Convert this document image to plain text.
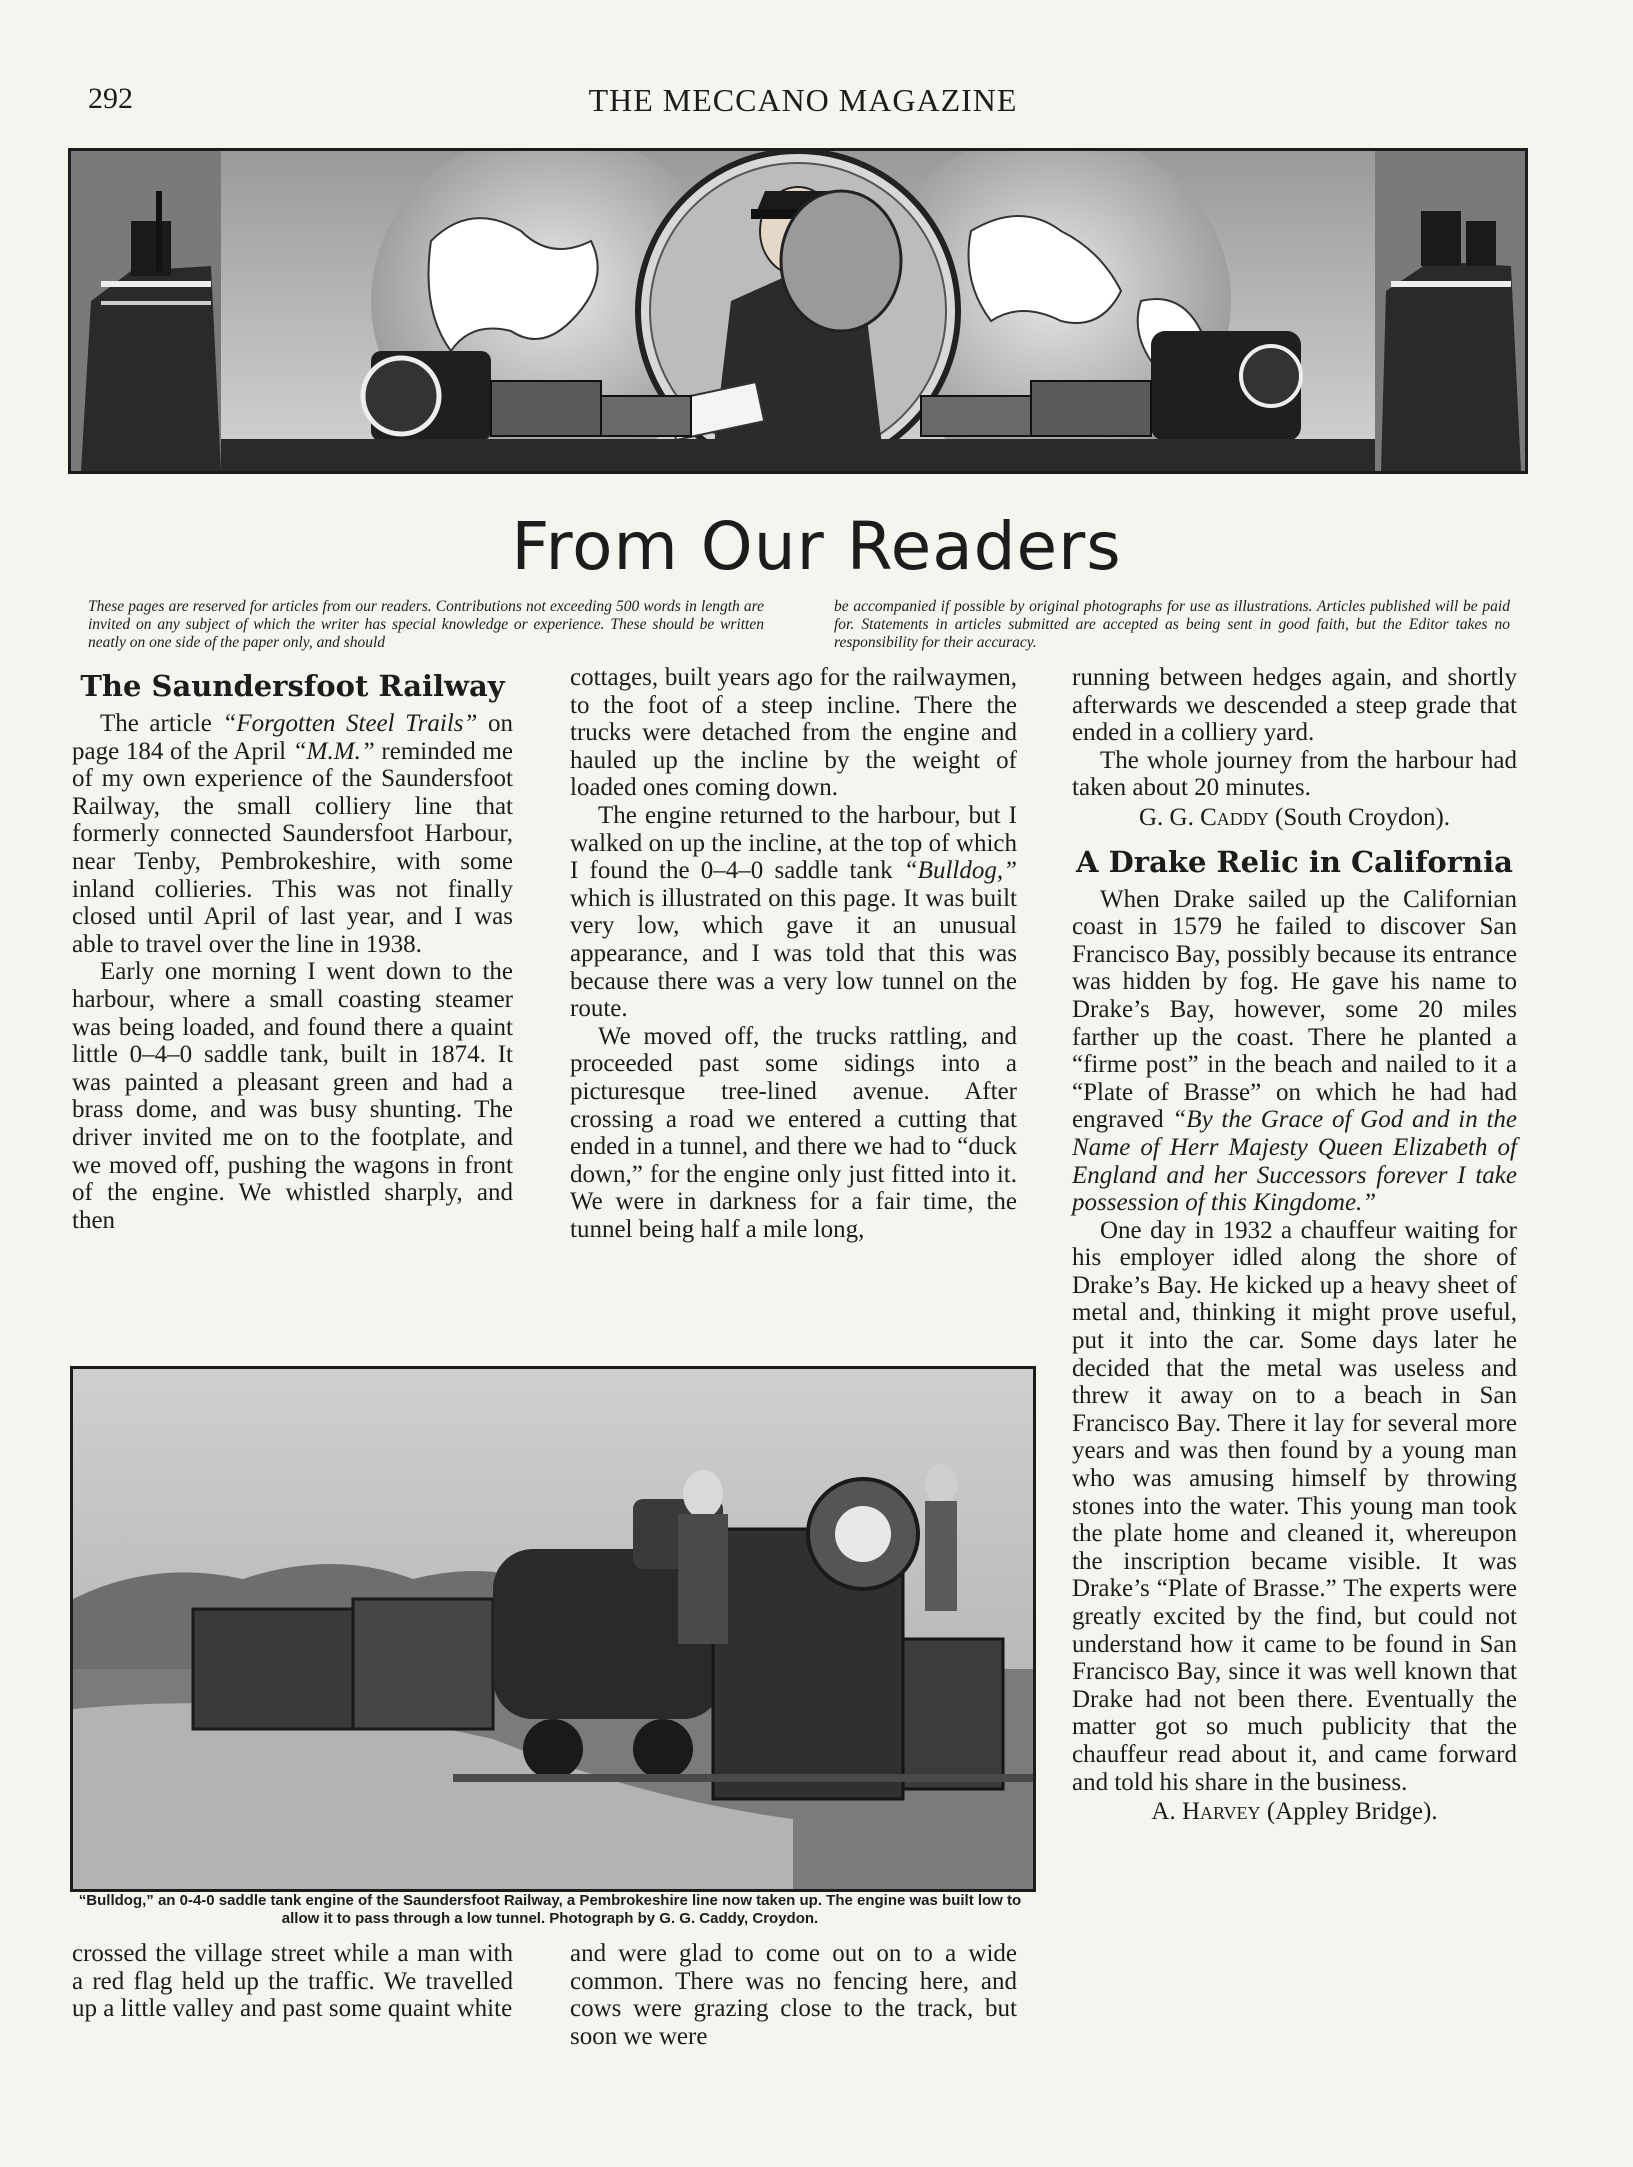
292	THE MECCANO MAGAZINE
From Our Readers
These pages are reserved for articles from our readers. Contributions not exceeding 500 words in length are invited on any subject of which the writer has special knowledge or experience. These should be written neatly on one side of the paper only, and should
be accompanied if possible by original photographs for use as illustrations. Articles published will be paid for. Statements in articles submitted are accepted as being sent in good faith, but the Editor takes no responsibility for their accuracy.
The Saundersfoot Railway

The article “Forgotten Steel Trails” on page 184 of the April “M.M.” reminded me of my own experience of the Saundersfoot Railway, the small colliery line that formerly connected Saundersfoot Harbour, near Tenby, Pembrokeshire, with some inland collieries. This was not finally closed until April of last year, and I was able to travel over the line in 1938.

Early one morning I went down to the harbour, where a small coasting steamer was being loaded, and found there a quaint little 0–4–0 saddle tank, built in 1874. It was painted a pleasant green and had a brass dome, and was busy shunting. The driver invited me on to the footplate, and we moved off, pushing the wagons in front of the engine. We whistled sharply, and then

cottages, built years ago for the railwaymen, to the foot of a steep incline. There the trucks were detached from the engine and hauled up the incline by the weight of loaded ones coming down.

The engine returned to the harbour, but I walked on up the incline, at the top of which I found the 0–4–0 saddle tank “Bulldog,” which is illustrated on this page. It was built very low, which gave it an unusual appearance, and I was told that this was because there was a very low tunnel on the route.

We moved off, the trucks rattling, and proceeded past some sidings into a picturesque tree-lined avenue. After crossing a road we entered a cutting that ended in a tunnel, and there we had to “duck down,” for the engine only just fitted into it. We were in darkness for a fair time, the tunnel being half a mile long,

running between hedges again, and shortly afterwards we descended a steep grade that ended in a colliery yard.

The whole journey from the harbour had taken about 20 minutes.

G. G. Caddy (South Croydon).

A Drake Relic in California

When Drake sailed up the Californian coast in 1579 he failed to discover San Francisco Bay, possibly because its entrance was hidden by fog. He gave his name to Drake’s Bay, however, some 20 miles farther up the coast. There he planted a “firme post” in the beach and nailed to it a “Plate of Brasse” on which he had had engraved “By the Grace of God and in the Name of Herr Majesty Queen Elizabeth of England and her Successors forever I take possession of this Kingdome.”

One day in 1932 a chauffeur waiting for his employer idled along the shore of Drake’s Bay. He kicked up a heavy sheet of metal and, thinking it might prove useful, put it into the car. Some days later he decided that the metal was useless and threw it away on to a beach in San Francisco Bay. There it lay for several more years and was then found by a young man who was amusing himself by throwing stones into the water. This young man took the plate home and cleaned it, whereupon the inscription became visible. It was Drake’s “Plate of Brasse.” The experts were greatly excited by the find, but could not understand how it came to be found in San Francisco Bay, since it was well known that Drake had not been there. Eventually the matter got so much publicity that the chauffeur read about it, and came forward and told his share in the business.

A. Harvey (Appley Bridge).

“Bulldog,” an 0-4-0 saddle tank engine of the Saundersfoot Railway, a Pembrokeshire line now taken up. The engine was built low to allow it to pass through a low tunnel. Photograph by G. G. Caddy, Croydon.

crossed the village street while a man with a red flag held up the traffic. We travelled up a little valley and past some quaint white

and were glad to come out on to a wide common. There was no fencing here, and cows were grazing close to the track, but soon we were
